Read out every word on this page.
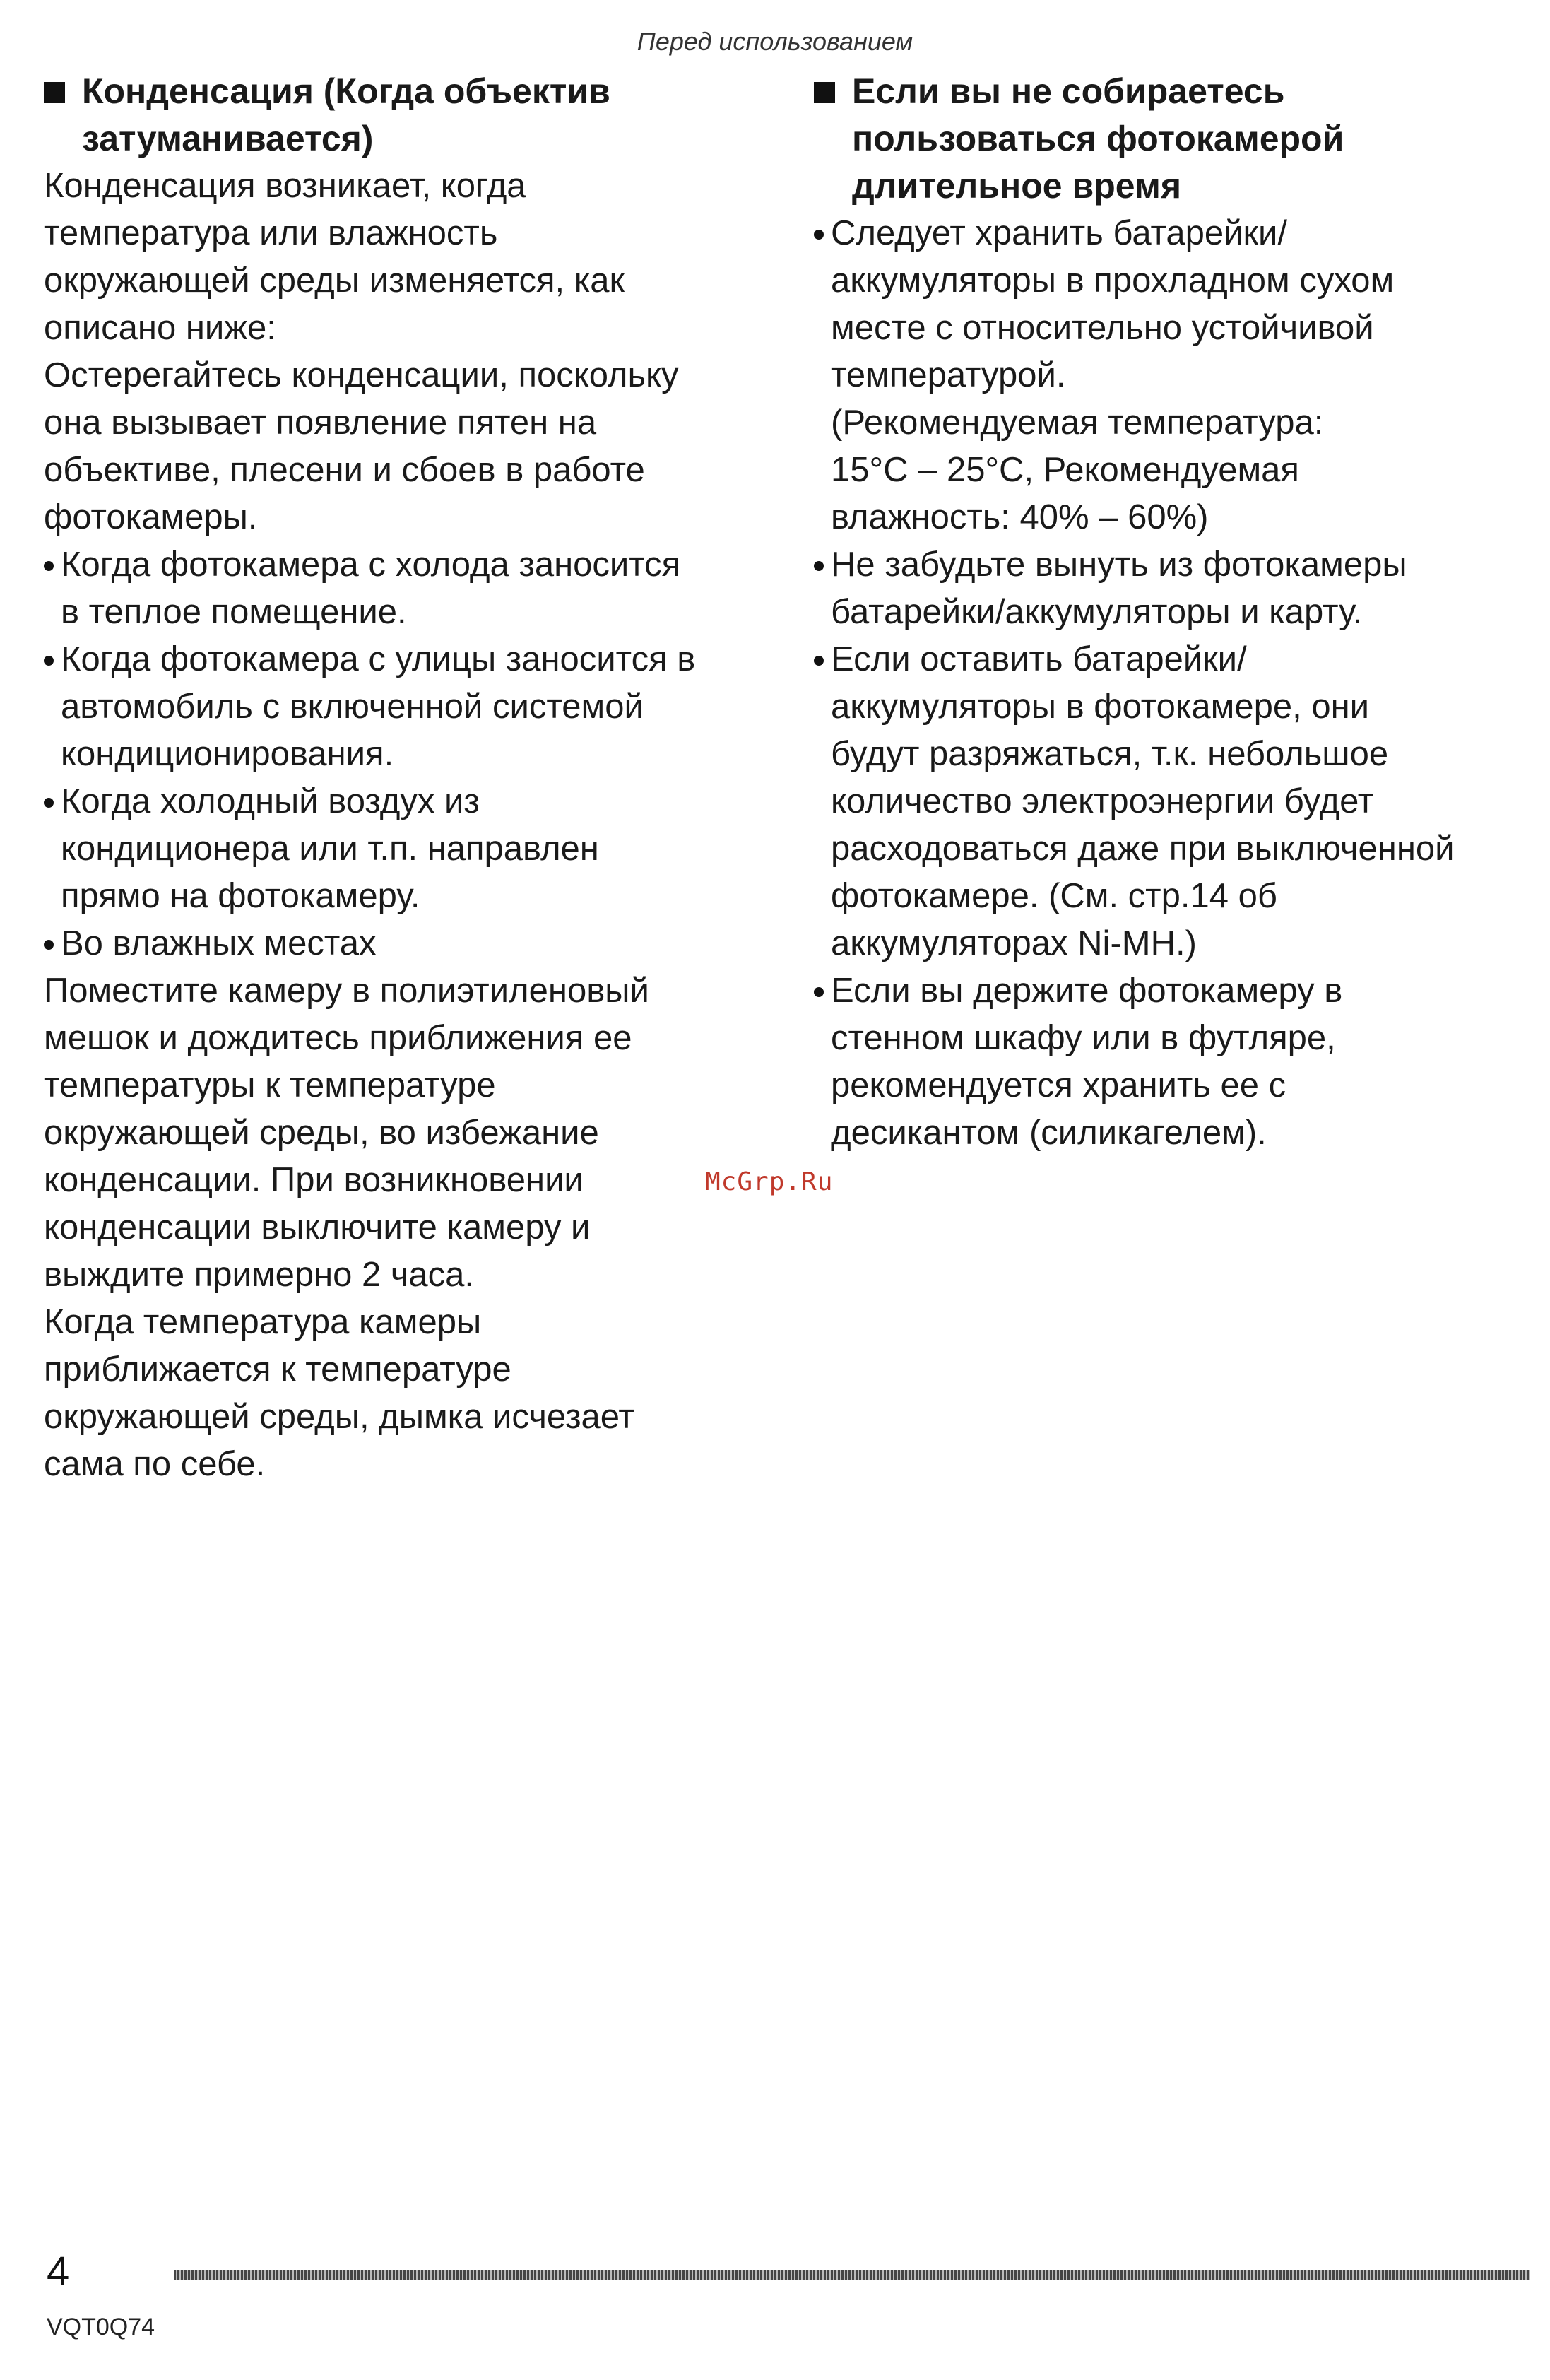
Перед использованием
Конденсация (Когда объектив
затуманивается)

Конденсация возникает, когда
температура или влажность
окружающей среды изменяется, как
описано ниже:

Остерегайтесь конденсации, поскольку
она вызывает появление пятен на
объективе, плесени и сбоев в работе
фотокамеры.

Когда фотокамера с холода заносится
в теплое помещение.
Когда фотокамера с улицы заносится в
автомобиль с включенной системой
кондиционирования.
Когда холодный воздух из
кондиционера или т.п. направлен
прямо на фотокамеру.
Во влажных местах

Поместите камеру в полиэтиленовый
мешок и дождитесь приближения ее
температуры к температуре
окружающей среды, во избежание
конденсации. При возникновении
конденсации выключите камеру и
выждите примерно 2 часа.

Когда температура камеры
приближается к температуре
окружающей среды, дымка исчезает
сама по себе.

Если вы не собираетесь
пользоваться фотокамерой
длительное время
Следует хранить батарейки/
аккумуляторы в прохладном сухом
месте с относительно устойчивой
температурой.
(Рекомендуемая температура:
15°C – 25°C, Рекомендуемая
влажность: 40% – 60%)
Не забудьте вынуть из фотокамеры
батарейки/аккумуляторы и карту.
Если оставить батарейки/
аккумуляторы в фотокамере, они
будут разряжаться, т.к. небольшое
количество электроэнергии будет
расходоваться даже при выключенной
фотокамере. (См. стр.14 об
аккумуляторах Ni-MH.)
Если вы держите фотокамеру в
стенном шкафу или в футляре,
рекомендуется хранить ее с
десикантом (силикагелем).
McGrp.Ru
4
VQT0Q74
